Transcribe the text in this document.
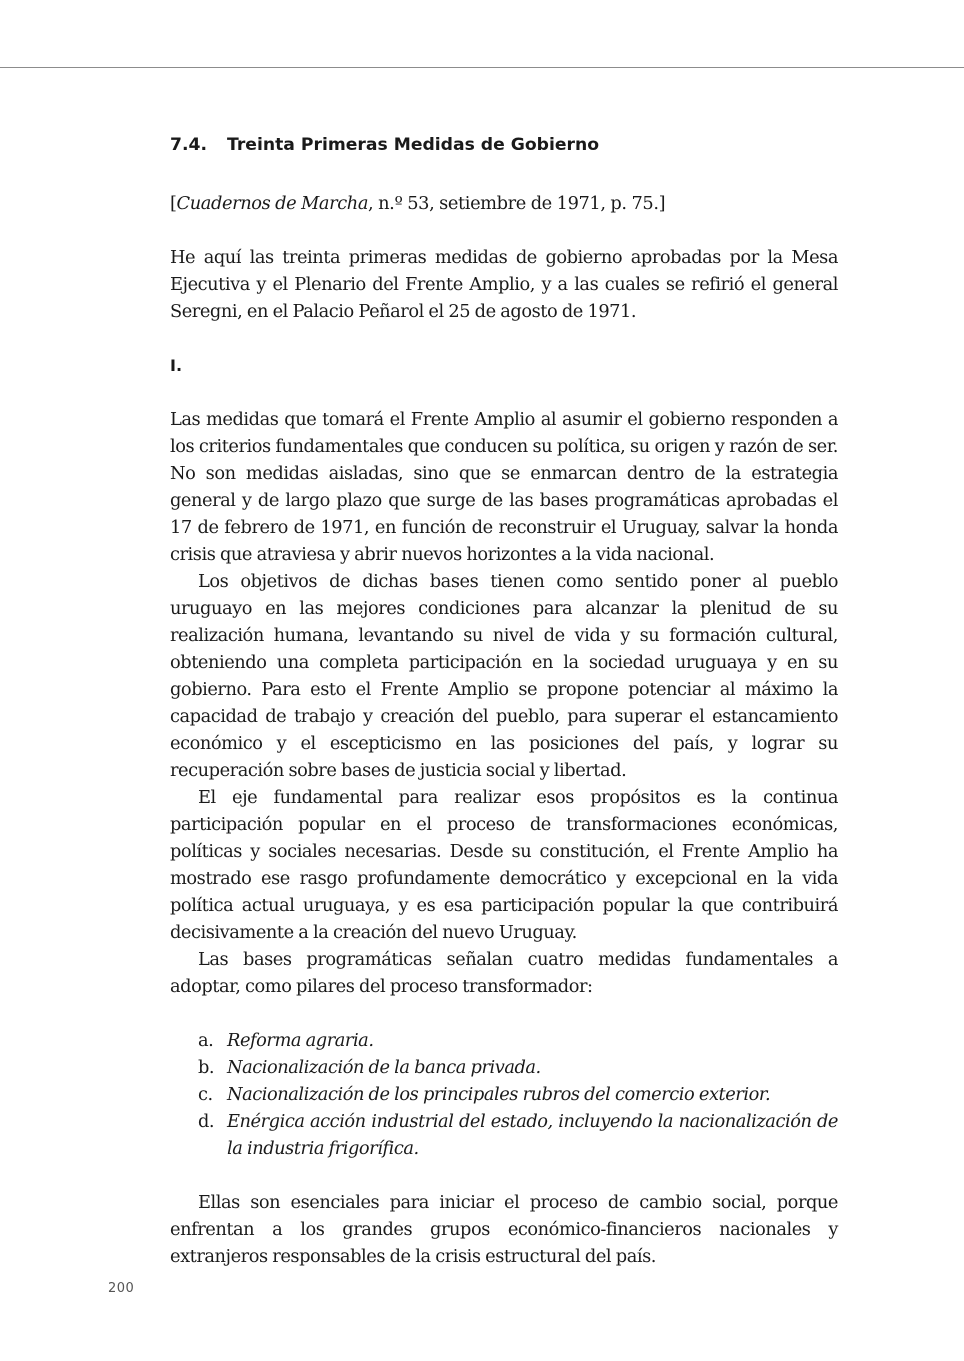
7.4. Treinta Primeras Medidas de Gobierno

[Cuadernos de Marcha, n.º 53, setiembre de 1971, p. 75.]

He aquí las treinta primeras medidas de gobierno aprobadas por la Mesa Ejecutiva y el Plenario del Frente Amplio, y a las cuales se refirió el general Seregni, en el Palacio Peñarol el 25 de agosto de 1971.

I.

Las medidas que tomará el Frente Amplio al asumir el gobierno responden a los criterios fundamentales que conducen su política, su origen y razón de ser. No son medidas aisladas, sino que se enmarcan dentro de la estrategia general y de largo plazo que surge de las bases programáticas aprobadas el 17 de febrero de 1971, en función de reconstruir el Uruguay, salvar la honda crisis que atraviesa y abrir nuevos horizontes a la vida nacional.

Los objetivos de dichas bases tienen como sentido poner al pueblo uruguayo en las mejores condiciones para alcanzar la plenitud de su realización humana, levantando su nivel de vida y su formación cultural, obteniendo una completa participación en la sociedad uruguaya y en su gobierno. Para esto el Frente Amplio se propone potenciar al máximo la capacidad de trabajo y creación del pueblo, para superar el estancamiento económico y el escepticismo en las posiciones del país, y lograr su recuperación sobre bases de justicia social y libertad.

El eje fundamental para realizar esos propósitos es la continua participación popular en el proceso de transformaciones económicas, políticas y sociales necesarias. Desde su constitución, el Frente Amplio ha mostrado ese rasgo profundamente democrático y excepcional en la vida política actual uruguaya, y es esa participación popular la que contribuirá decisivamente a la creación del nuevo Uruguay.

Las bases programáticas señalan cuatro medidas fundamentales a adoptar, como pilares del proceso transformador:

a. Reforma agraria.
b. Nacionalización de la banca privada.
c. Nacionalización de los principales rubros del comercio exterior.
d. Enérgica acción industrial del estado, incluyendo la nacionalización de la industria frigorífica.

Ellas son esenciales para iniciar el proceso de cambio social, porque enfrentan a los grandes grupos económico-financieros nacionales y extranjeros responsables de la crisis estructural del país.

200
